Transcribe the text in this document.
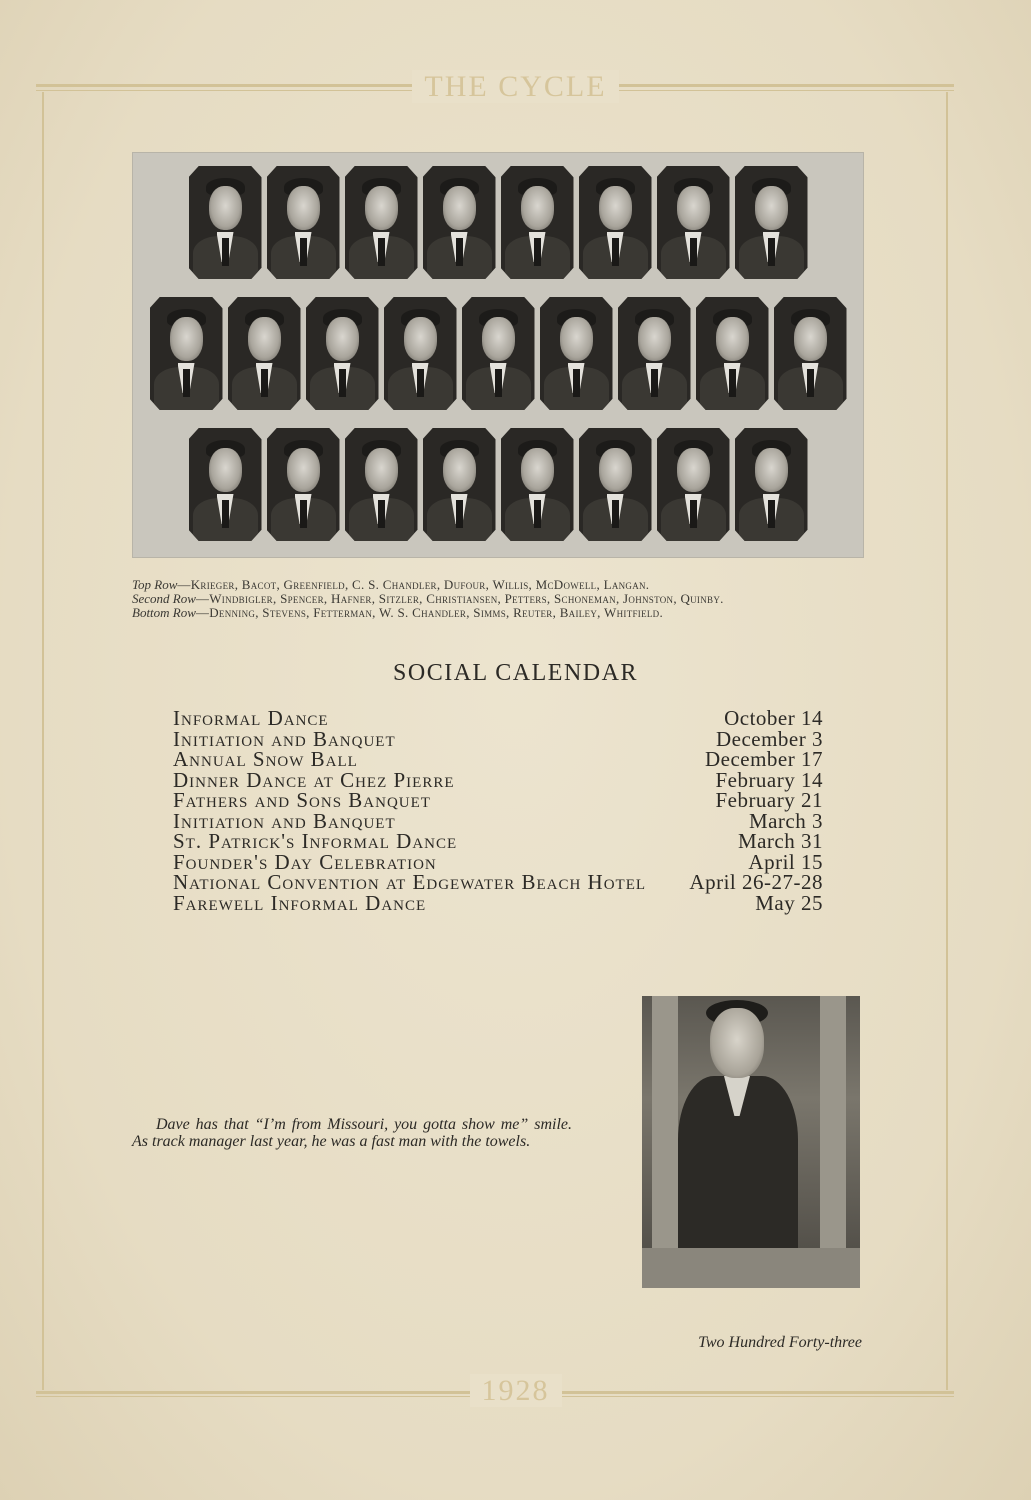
THE CYCLE
Top Row—Krieger, Bacot, Greenfield, C. S. Chandler, Dufour, Willis, McDowell, Langan.
Second Row—Windbigler, Spencer, Hafner, Sitzler, Christiansen, Petters, Schoneman, Johnston, Quinby.
Bottom Row—Denning, Stevens, Fetterman, W. S. Chandler, Simms, Reuter, Bailey, Whitfield.
SOCIAL CALENDAR
Informal Dance	October 14
Initiation and Banquet	December 3
Annual Snow Ball	December 17
Dinner Dance at Chez Pierre	February 14
Fathers and Sons Banquet	February 21
Initiation and Banquet	March 3
St. Patrick's Informal Dance	March 31
Founder's Day Celebration	April 15
National Convention at Edgewater Beach Hotel April 26-27-28
Farewell Informal Dance	May 25
Dave has that “I’m from Missouri, you gotta show me” smile. As track manager last year, he was a fast man with the towels.
Two Hundred Forty-three
1928
